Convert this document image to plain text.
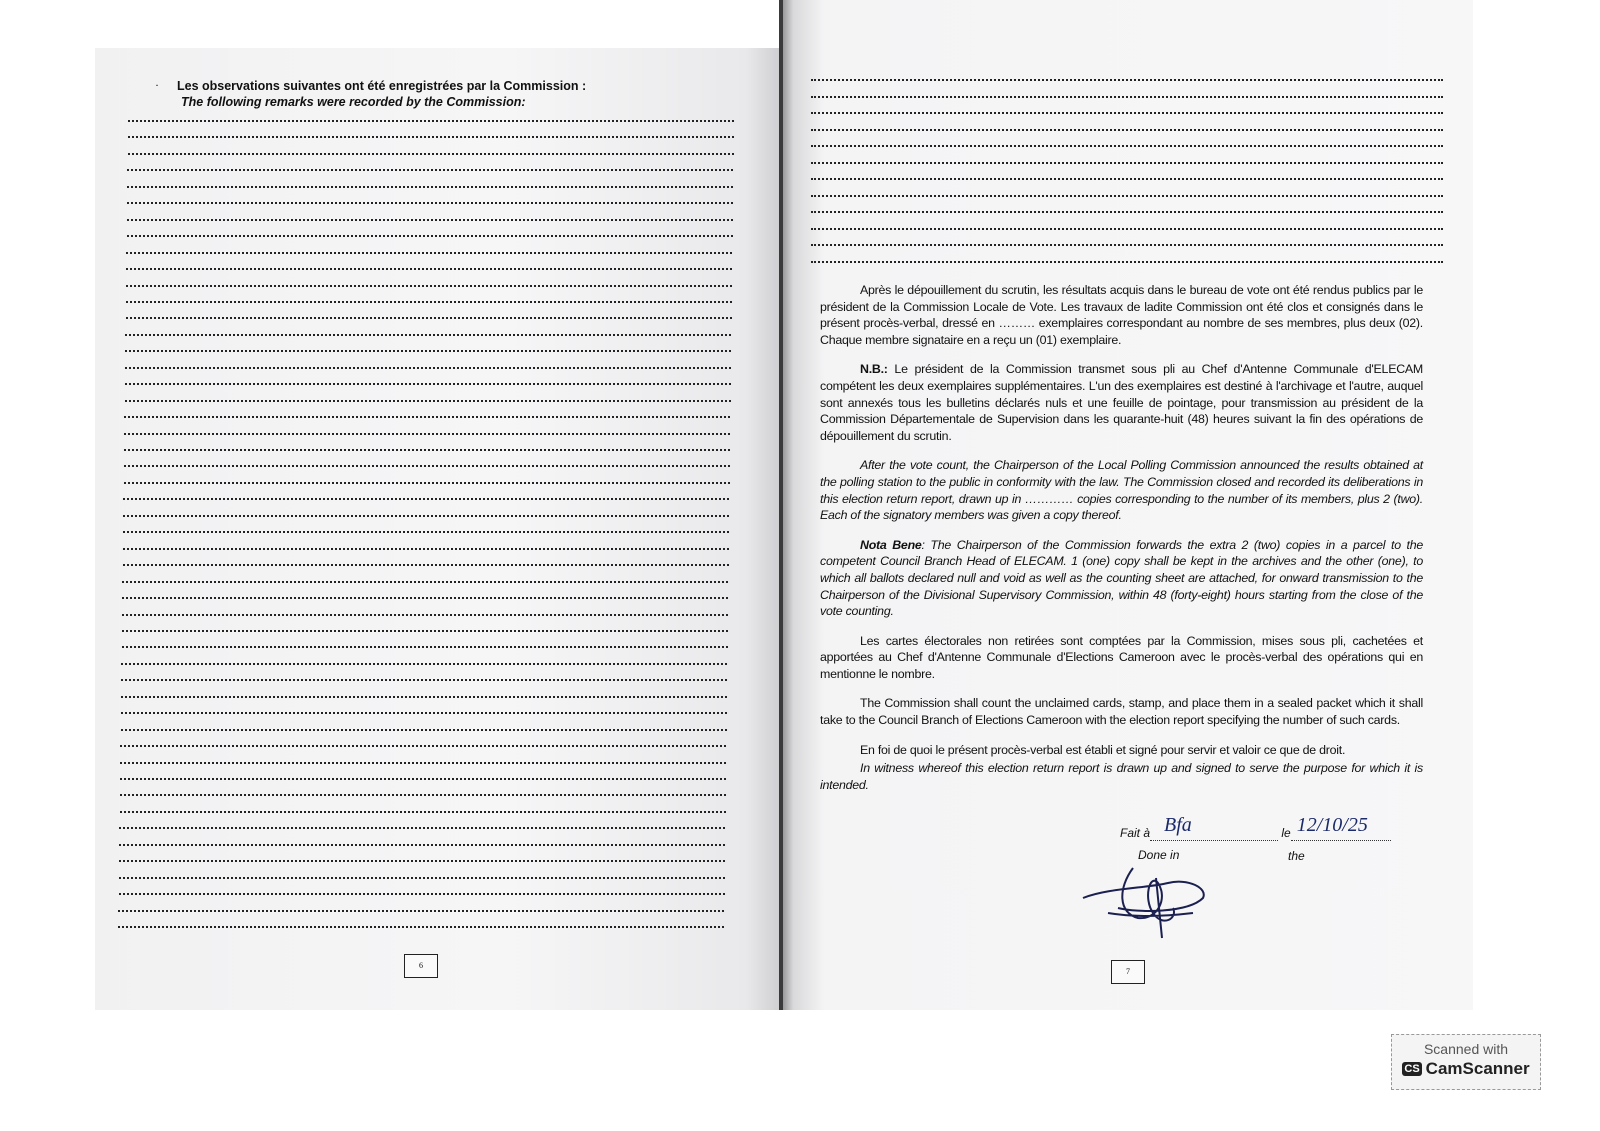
· Les observations suivantes ont été enregistrées par la Commission :
The following remarks were recorded by the Commission:
6

Après le dépouillement du scrutin, les résultats acquis dans le bureau de vote ont été rendus publics par le président de la Commission Locale de Vote. Les travaux de ladite Commission ont été clos et consignés dans le présent procès-verbal, dressé en ……… exemplaires correspondant au nombre de ses membres, plus deux (02). Chaque membre signataire en a reçu un (01) exemplaire.

N.B.: Le président de la Commission transmet sous pli au Chef d'Antenne Communale d'ELECAM compétent les deux exemplaires supplémentaires. L'un des exemplaires est destiné à l'archivage et l'autre, auquel sont annexés tous les bulletins déclarés nuls et une feuille de pointage, pour transmission au président de la Commission Départementale de Supervision dans les quarante-huit (48) heures suivant la fin des opérations de dépouillement du scrutin.

After the vote count, the Chairperson of the Local Polling Commission announced the results obtained at the polling station to the public in conformity with the law. The Commission closed and recorded its deliberations in this election return report, drawn up in ………… copies corresponding to the number of its members, plus 2 (two). Each of the signatory members was given a copy thereof.

Nota Bene: The Chairperson of the Commission forwards the extra 2 (two) copies in a parcel to the competent Council Branch Head of ELECAM. 1 (one) copy shall be kept in the archives and the other (one), to which all ballots declared null and void as well as the counting sheet are attached, for onward transmission to the Chairperson of the Divisional Supervisory Commission, within 48 (forty-eight) hours starting from the close of the vote counting.

Les cartes électorales non retirées sont comptées par la Commission, mises sous pli, cachetées et apportées au Chef d'Antenne Communale d'Elections Cameroon avec le procès-verbal des opérations qui en mentionne le nombre.

The Commission shall count the unclaimed cards, stamp, and place them in a sealed packet which it shall take to the Council Branch of Elections Cameroon with the election report specifying the number of such cards.

En foi de quoi le présent procès-verbal est établi et signé pour servir et valoir ce que de droit.

In witness whereof this election return report is drawn up and signed to serve the purpose for which it is intended.

Fait à Bfa	le 12/10/25

Done in	the
7
Scanned with
CS CamScanner
